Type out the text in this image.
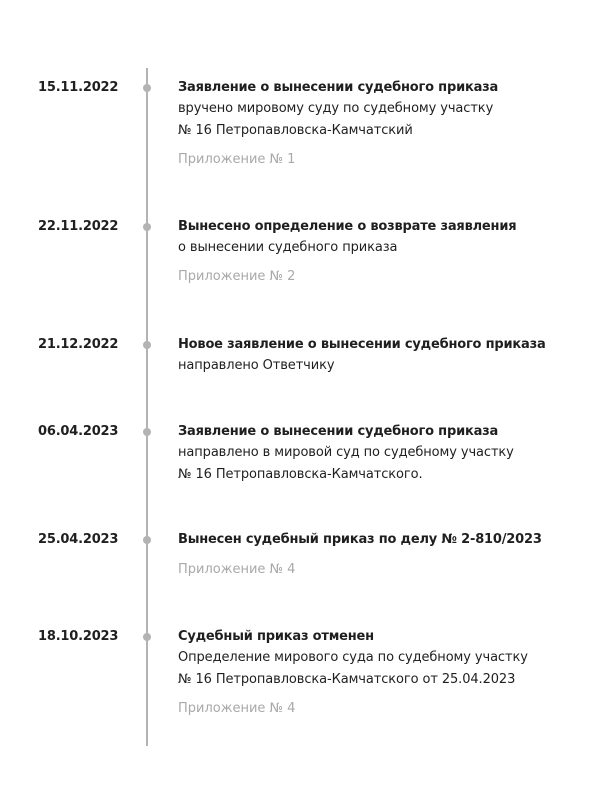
15.11.2022	Заявление о вынесении судебного приказа
вручено мировому суду по судебному участку
№ 16 Петропавловска-Камчатский
Приложение № 1
22.11.2022	Вынесено определение о возврате заявления
о вынесении судебного приказа
Приложение № 2
21.12.2022	Новое заявление о вынесении судебного приказа
направлено Ответчику
06.04.2023	Заявление о вынесении судебного приказа
направлено в мировой суд по судебному участку
№ 16 Петропавловска-Камчатского.
25.04.2023	Вынесен судебный приказ по делу № 2-810/2023
Приложение № 4
18.10.2023	Судебный приказ отменен
Определение мирового суда по судебному участку
№ 16 Петропавловска-Камчатского от 25.04.2023
Приложение № 4
